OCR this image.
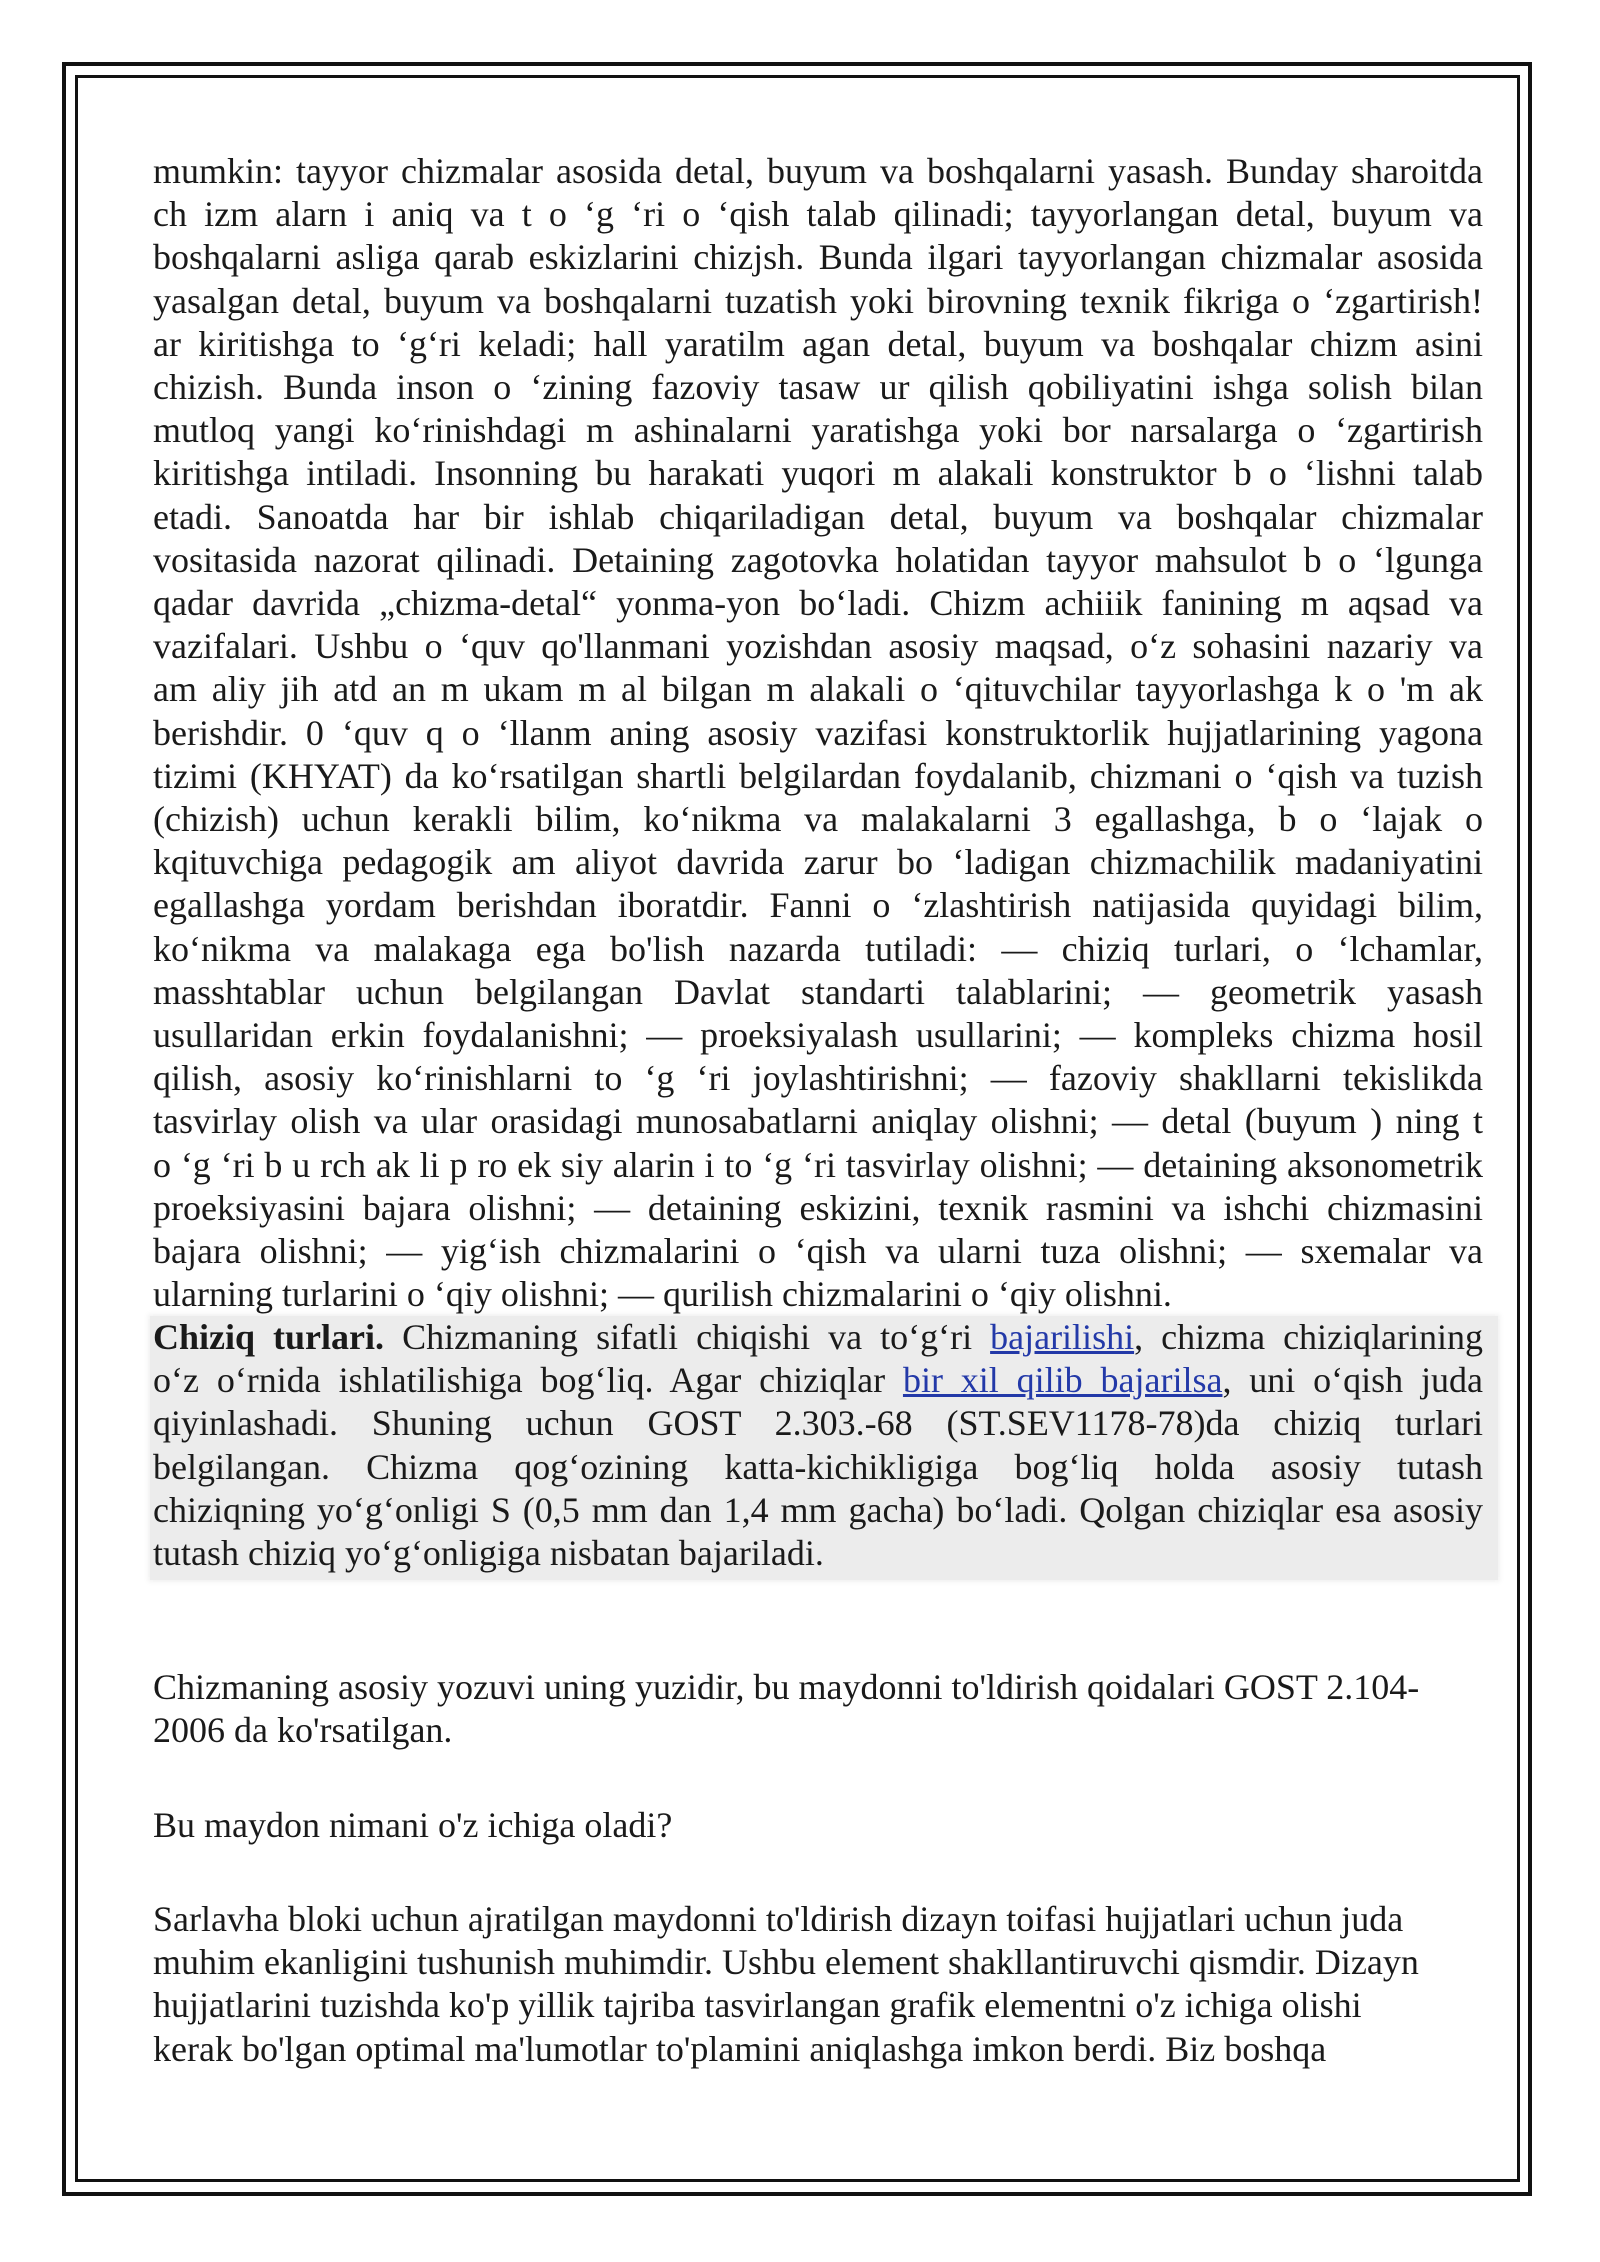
mumkin: tayyor chizmalar asosida detal, buyum va boshqalarni yasash. Bunday sharoitda
ch izm alarn i aniq va t o ‘g ‘ri o ‘qish talab qilinadi; tayyorlangan detal, buyum va
boshqalarni asliga qarab eskizlarini chizjsh. Bunda ilgari tayyorlangan chizmalar asosida
yasalgan detal, buyum va boshqalarni tuzatish yoki birovning texnik fikriga o ‘zgartirish!
ar kiritishga to ‘g‘ri keladi; hall yaratilm agan detal, buyum va boshqalar chizm asini
chizish. Bunda inson o ‘zining fazoviy tasaw ur qilish qobiliyatini ishga solish bilan
mutloq yangi ko‘rinishdagi m ashinalarni yaratishga yoki bor narsalarga o ‘zgartirish
kiritishga intiladi. Insonning bu harakati yuqori m alakali konstruktor b o ‘lishni talab
etadi. Sanoatda har bir ishlab chiqariladigan detal, buyum va boshqalar chizmalar
vositasida nazorat qilinadi. Detaining zagotovka holatidan tayyor mahsulot b o ‘lgunga
qadar davrida „chizma-detal“ yonma-yon bo‘ladi. Chizm achiiik fanining m aqsad va
vazifalari. Ushbu o ‘quv qo'llanmani yozishdan asosiy maqsad, o‘z sohasini nazariy va
am aliy jih atd an m ukam m al bilgan m alakali o ‘qituvchilar tayyorlashga k o 'm ak
berishdir. 0 ‘quv q o ‘llanm aning asosiy vazifasi konstruktorlik hujjatlarining yagona
tizimi (KHYAT) da ko‘rsatilgan shartli belgilardan foydalanib, chizmani o ‘qish va tuzish
(chizish) uchun kerakli bilim, ko‘nikma va malakalarni 3 egallashga, b o ‘lajak o
kqituvchiga pedagogik am aliyot davrida zarur bo ‘ladigan chizmachilik madaniyatini
egallashga yordam berishdan iboratdir. Fanni o ‘zlashtirish natijasida quyidagi bilim,
ko‘nikma va malakaga ega bo'lish nazarda tutiladi: — chiziq turlari, o ‘lchamlar,
masshtablar uchun belgilangan Davlat standarti talablarini; — geometrik yasash
usullaridan erkin foydalanishni; — proeksiyalash usullarini; — kompleks chizma hosil
qilish, asosiy ko‘rinishlarni to ‘g ‘ri joylashtirishni; — fazoviy shakllarni tekislikda
tasvirlay olish va ular orasidagi munosabatlarni aniqlay olishni; — detal (buyum ) ning t
o ‘g ‘ri b u rch ak li p ro ek siy alarin i to ‘g ‘ri tasvirlay olishni; — detaining aksonometrik
proeksiyasini bajara olishni; — detaining eskizini, texnik rasmini va ishchi chizmasini
bajara olishni; — yig‘ish chizmalarini o ‘qish va ularni tuza olishni; — sxemalar va
ularning turlarini o ‘qiy olishni; — qurilish chizmalarini o ‘qiy olishni.
Chiziq turlari. Chizmaning sifatli chiqishi va to‘g‘ri bajarilishi, chizma chiziqlarining
o‘z o‘rnida ishlatilishiga bog‘liq. Agar chiziqlar bir xil qilib bajarilsa, uni o‘qish juda
qiyinlashadi. Shuning uchun GOST 2.303.-68 (ST.SEV1178-78)da chiziq turlari
belgilangan. Chizma qog‘ozining katta-kichikligiga bog‘liq holda asosiy tutash
chiziqning yo‘g‘onligi S (0,5 mm dan 1,4 mm gacha) bo‘ladi. Qolgan chiziqlar esa asosiy
tutash chiziq yo‘g‘onligiga nisbatan bajariladi.
Chizmaning asosiy yozuvi uning yuzidir, bu maydonni to'ldirish qoidalari GOST 2.104-
2006 da ko'rsatilgan.
Bu maydon nimani o'z ichiga oladi?
Sarlavha bloki uchun ajratilgan maydonni to'ldirish dizayn toifasi hujjatlari uchun juda
muhim ekanligini tushunish muhimdir. Ushbu element shakllantiruvchi qismdir. Dizayn
hujjatlarini tuzishda ko'p yillik tajriba tasvirlangan grafik elementni o'z ichiga olishi
kerak bo'lgan optimal ma'lumotlar to'plamini aniqlashga imkon berdi. Biz boshqa
